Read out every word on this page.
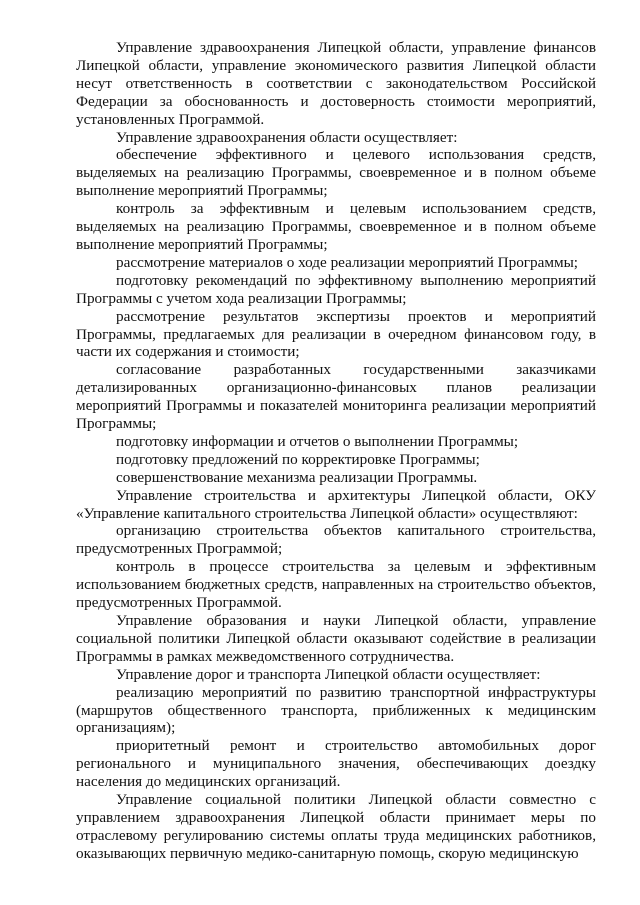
Управление здравоохранения Липецкой области, управление финансов Липецкой области, управление экономического развития Липецкой области несут ответственность в соответствии с законодательством Российской Федерации за обоснованность и достоверность стоимости мероприятий, установленных Программой.

Управление здравоохранения области осуществляет:

обеспечение эффективного и целевого использования средств, выделяемых на реализацию Программы, своевременное и в полном объеме выполнение мероприятий Программы;

контроль за эффективным и целевым использованием средств, выделяемых на реализацию Программы, своевременное и в полном объеме выполнение мероприятий Программы;

рассмотрение материалов о ходе реализации мероприятий Программы;

подготовку рекомендаций по эффективному выполнению мероприятий Программы с учетом хода реализации Программы;

рассмотрение результатов экспертизы проектов и мероприятий Программы, предлагаемых для реализации в очередном финансовом году, в части их содержания и стоимости;

согласование разработанных государственными заказчиками детализированных организационно-финансовых планов реализации мероприятий Программы и показателей мониторинга реализации мероприятий Программы;

подготовку информации и отчетов о выполнении Программы;

подготовку предложений по корректировке Программы;

совершенствование механизма реализации Программы.

Управление строительства и архитектуры Липецкой области, ОКУ «Управление капитального строительства Липецкой области» осуществляют:

организацию строительства объектов капитального строительства, предусмотренных Программой;

контроль в процессе строительства за целевым и эффективным использованием бюджетных средств, направленных на строительство объектов, предусмотренных Программой.

Управление образования и науки Липецкой области, управление социальной политики Липецкой области оказывают содействие в реализации Программы в рамках межведомственного сотрудничества.

Управление дорог и транспорта Липецкой области осуществляет:

реализацию мероприятий по развитию транспортной инфраструктуры (маршрутов общественного транспорта, приближенных к медицинским организациям);

приоритетный ремонт и строительство автомобильных дорог регионального и муниципального значения, обеспечивающих доездку населения до медицинских организаций.

Управление социальной политики Липецкой области совместно с управлением здравоохранения Липецкой области принимает меры по отраслевому регулированию системы оплаты труда медицинских работников, оказывающих первичную медико-санитарную помощь, скорую медицинскую
